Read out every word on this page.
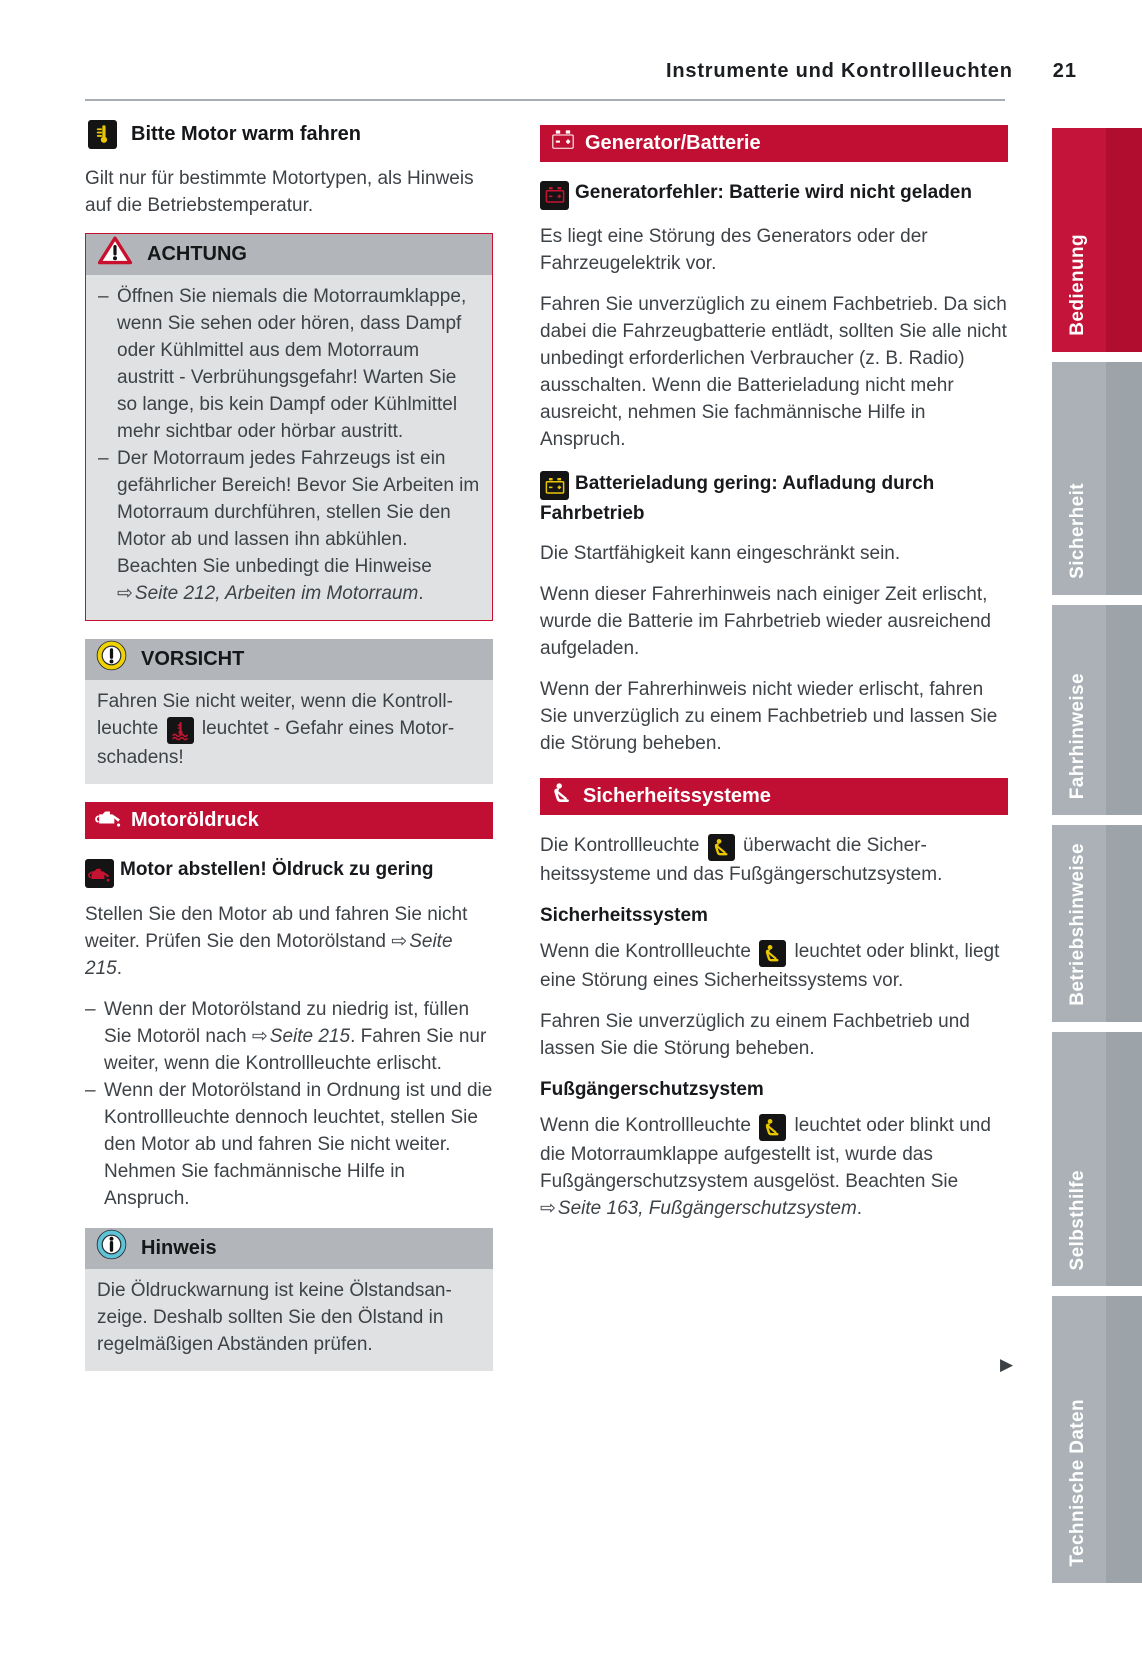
Instrumente und Kontrollleuchten 21
Bitte Motor warm fahren

Gilt nur für bestimmte Motortypen, als Hinweis auf die Betriebstemperatur.

ACHTUNG
– Öffnen Sie niemals die Motorraumklappe, wenn Sie sehen oder hören, dass Dampf oder Kühlmittel aus dem Motorraum austritt - Verbrühungsgefahr! Warten Sie so lange, bis kein Dampf oder Kühlmittel mehr sichtbar oder hörbar austritt.
– Der Motorraum jedes Fahrzeugs ist ein gefährlicher Bereich! Bevor Sie Arbeiten im Motorraum durchführen, stellen Sie den Motor ab und lassen ihn abkühlen. Beachten Sie unbedingt die Hinweise ⇨ Seite 212, Arbeiten im Motorraum.
VORSICHT
Fahren Sie nicht weiter, wenn die Kontrollleuchte leuchtet - Gefahr eines Motorschadens!
Motoröldruck
Motor abstellen! Öldruck zu gering

Stellen Sie den Motor ab und fahren Sie nicht weiter. Prüfen Sie den Motorölstand ⇨ Seite 215.

– Wenn der Motorölstand zu niedrig ist, füllen Sie Motoröl nach ⇨ Seite 215. Fahren Sie nur weiter, wenn die Kontrollleuchte erlischt.
– Wenn der Motorölstand in Ordnung ist und die Kontrollleuchte dennoch leuchtet, stellen Sie den Motor ab und fahren Sie nicht weiter. Nehmen Sie fachmännische Hilfe in Anspruch.
Hinweis
Die Öldruckwarnung ist keine Ölstandsanzeige. Deshalb sollten Sie den Ölstand in regelmäßigen Abständen prüfen.
Generator/Batterie
Generatorfehler: Batterie wird nicht geladen

Es liegt eine Störung des Generators oder der Fahrzeugelektrik vor.

Fahren Sie unverzüglich zu einem Fachbetrieb. Da sich dabei die Fahrzeugbatterie entlädt, sollten Sie alle nicht unbedingt erforderlichen Verbraucher (z. B. Radio) ausschalten. Wenn die Batterieladung nicht mehr ausreicht, nehmen Sie fachmännische Hilfe in Anspruch.

Batterieladung gering: Aufladung durch Fahrbetrieb

Die Startfähigkeit kann eingeschränkt sein.

Wenn dieser Fahrerhinweis nach einiger Zeit erlischt, wurde die Batterie im Fahrbetrieb wieder ausreichend aufgeladen.

Wenn der Fahrerhinweis nicht wieder erlischt, fahren Sie unverzüglich zu einem Fachbetrieb und lassen Sie die Störung beheben.

Sicherheitssysteme

Die Kontrollleuchte überwacht die Sicherheitssysteme und das Fußgängerschutzsystem.

Sicherheitssystem

Wenn die Kontrollleuchte leuchtet oder blinkt, liegt eine Störung eines Sicherheitssystems vor.

Fahren Sie unverzüglich zu einem Fachbetrieb und lassen Sie die Störung beheben.

Fußgängerschutzsystem

Wenn die Kontrollleuchte leuchtet oder blinkt und die Motorraumklappe aufgestellt ist, wurde das Fußgängerschutzsystem ausgelöst. Beachten Sie ⇨ Seite 163, Fußgängerschutzsystem.

▶
Bedienung
Sicherheit
Fahrhinweise
Betriebshinweise
Selbsthilfe
Technische Daten
